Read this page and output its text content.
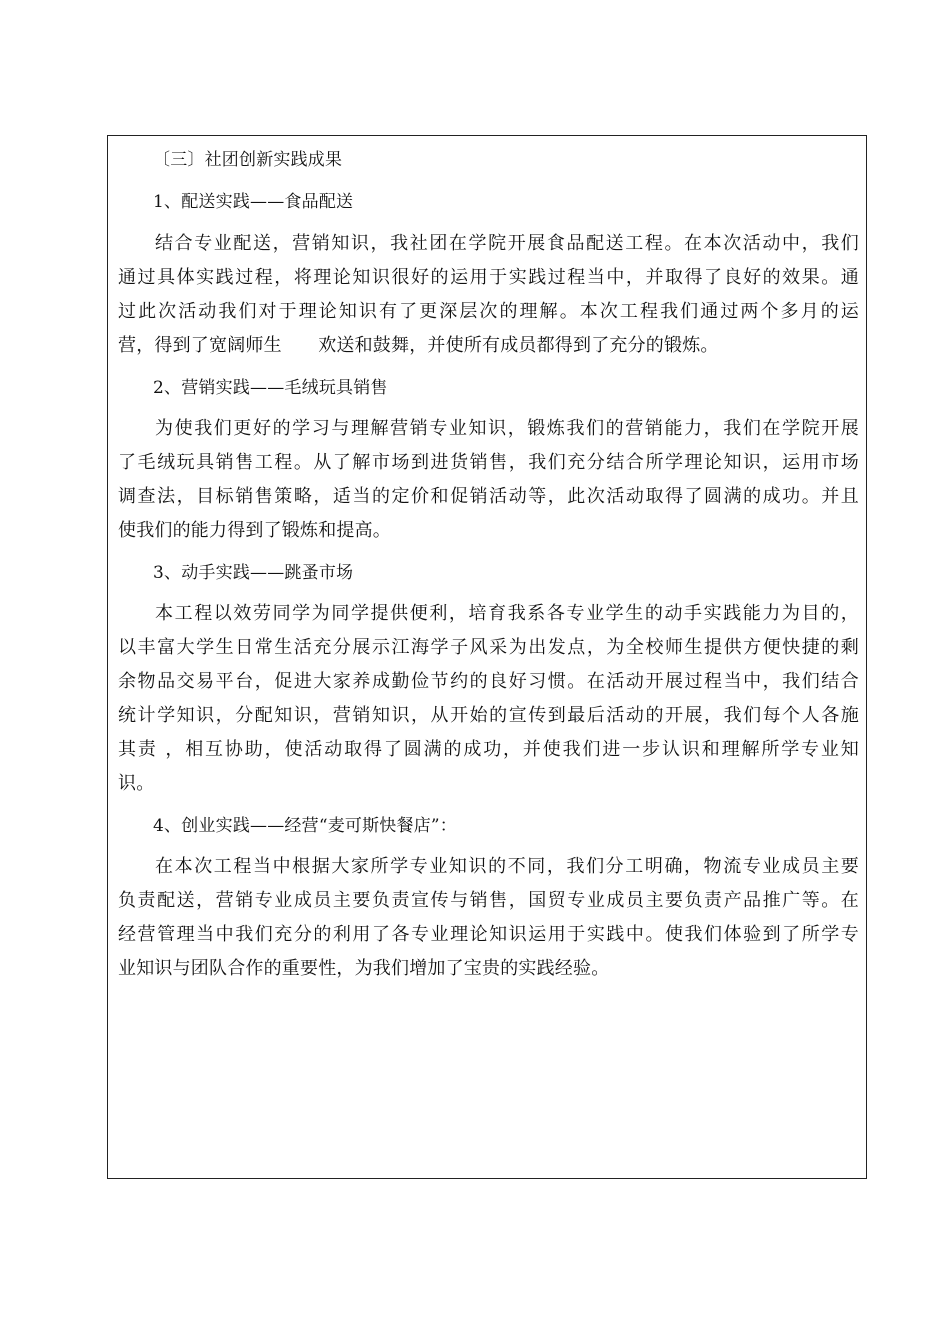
〔三〕社团创新实践成果
1、配送实践——食品配送
结合专业配送，营销知识，我社团在学院开展食品配送工程。在本次活动中，我们
通过具体实践过程，将理论知识很好的运用于实践过程当中，并取得了良好的效果。通
过此次活动我们对于理论知识有了更深层次的理解。本次工程我们通过两个多月的运
营，得到了宽阔师生　　欢送和鼓舞，并使所有成员都得到了充分的锻炼。
2、营销实践——毛绒玩具销售
为使我们更好的学习与理解营销专业知识，锻炼我们的营销能力，我们在学院开展
了毛绒玩具销售工程。从了解市场到进货销售，我们充分结合所学理论知识，运用市场
调查法，目标销售策略，适当的定价和促销活动等，此次活动取得了圆满的成功。并且
使我们的能力得到了锻炼和提高。
3、动手实践——跳蚤市场
本工程以效劳同学为同学提供便利，培育我系各专业学生的动手实践能力为目的，
以丰富大学生日常生活充分展示江海学子风采为出发点，为全校师生提供方便快捷的剩
余物品交易平台，促进大家养成勤俭节约的良好习惯。在活动开展过程当中，我们结合
统计学知识，分配知识，营销知识，从开始的宣传到最后活动的开展，我们每个人各施
其责 ，相互协助，使活动取得了圆满的成功，并使我们进一步认识和理解所学专业知
识。
4、创业实践——经营“麦可斯快餐店”：
在本次工程当中根据大家所学专业知识的不同，我们分工明确，物流专业成员主要
负责配送，营销专业成员主要负责宣传与销售，国贸专业成员主要负责产品推广等。在
经营管理当中我们充分的利用了各专业理论知识运用于实践中。使我们体验到了所学专
业知识与团队合作的重要性，为我们增加了宝贵的实践经验。
